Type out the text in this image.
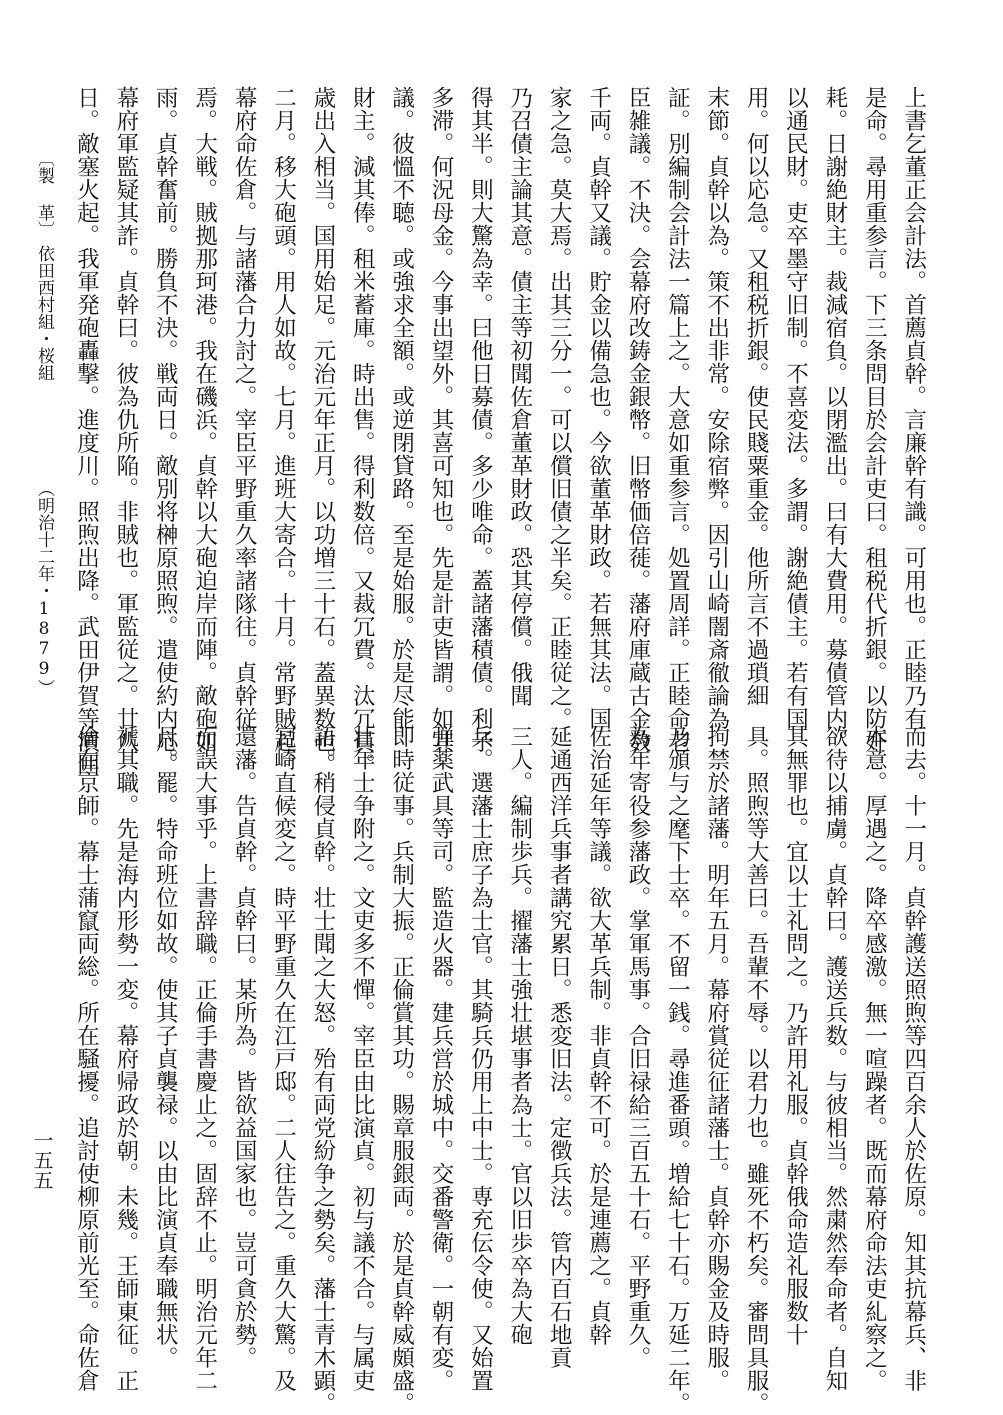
上書乞董正会計法。首薦貞幹。言廉幹有識。可用也。正睦乃有
是命。尋用重参言。下三条問目於会計吏曰。租税代折銀。以防奸
耗。日謝絶財主。裁減宿負。以閉濫出。曰有大費用。募債管内。
以通民財。吏卒墨守旧制。不喜変法。多謂。謝絶債主。若有国
用。何以応急。又租税折銀。使民賤粟重金。他所言不過瑣細
末節。貞幹以為。策不出非常。安除宿弊。因引山崎闇斎徹論為
証。別編制会計法一篇上之。大意如重参言。処置周詳。正睦命老
臣雑議。不決。会幕府改鋳金銀幣。旧幣価倍蓰。藩府庫蔵古金数
千両。貞幹又議。貯金以備急也。今欲董革財政。若無其法。国
家之急。莫大焉。出其三分一。可以償旧債之半矣。正睦従之。
乃召債主論其意。債主等初聞佐倉董革財政。恐其停償。俄聞
得其半。則大驚為幸。曰他日募債。多少唯命。蓋諸藩積債。利子
多滞。何況母金。今事出望外。其喜可知也。先是計吏皆謂。如其
議。彼慍不聴。或強求全額。或逆閉貸路。至是始服。於是尽能
財主。減其俸。租米蓄庫。時出售。得利数倍。又裁冗費。汰冗員。
歳出入相当。国用始足。元治元年正月。以功増三十石。蓋異数也。
二月。移大砲頭。用人如故。七月。進班大寄合。十月。常野賊起。
幕府命佐倉。与諸藩合力討之。宰臣平野重久率諸隊往。貞幹従
焉。大戦。賊拠那珂港。我在磯浜。貞幹以大砲迫岸而陣。敵砲如
雨。貞幹奮前。勝負不決。戦両日。敵別将榊原照煦。遣使約内応。
幕府軍監疑其詐。貞幹曰。彼為仇所陥。非賊也。軍監従之。廿八
日。敵塞火起。我軍発砲轟撃。進度川。照煦出降。武田伊賀等潰囲
而去。十一月。貞幹護送照煦等四百余人於佐原。知其抗幕兵、非
本意。厚遇之。降卒感激。無一喧躁者。既而幕府命法吏糺察之。
欲待以捕虜。貞幹曰。護送兵数。与彼相当。然粛然奉命者。自知
其無罪也。宜以士礼問之。乃許用礼服。貞幹俄命造礼服数十
具。照煦等大善曰。吾輩不辱。以君力也。雖死不朽矣。審問具服。
拘禁於諸藩。明年五月。幕府賞従征諸藩士。貞幹亦賜金及時服。
乃頒与之麾下士卒。不留一銭。尋進番頭。増給七十石。万延二年。
為年寄役参藩政。掌軍馬事。合旧禄給三百五十石。平野重久。
佐治延年等議。欲大革兵制。非貞幹不可。於是連薦之。貞幹
延通西洋兵事者講究累日。悉変旧法。定徴兵法。管内百石地貢
三人。編制歩兵。擢藩士強壮堪事者為士。官以旧歩卒為大砲
兵。選藩士庶子為士官。其騎兵仍用上中士。専充伝令使。又始置
弾薬武具等司。監造火器。建兵営於城中。交番警衛。一朝有変。
即時従事。兵制大振。正倫賞其功。賜章服銀両。於是貞幹威頗盛。
壮年士争附之。文吏多不憚。宰臣由比演貞。初与議不合。与属吏
語。稍侵貞幹。壮士聞之大怒。殆有両党紛争之勢矣。藩士青木顕。
宮崎直候変之。時平野重久在江戸邸。二人往告之。重久大驚。及
還藩。告貞幹。貞幹曰。某所為。皆欲益国家也。豈可貪於勢。
而誤大事乎。上書辞職。正倫手書慶止之。固辞不止。明治元年二
月。罷。特命班位如故。使其子貞襲禄。以由比演貞奉職無状。
褫其職。先是海内形勢一変。幕府帰政於朝。未幾。王師東征。正
倫在京師。幕士蒲竄両総。所在騒擾。追討使柳原前光至。命佐倉
〔製 革〕
依田西村組・桜組
（明治十二年・1879）
一五五
